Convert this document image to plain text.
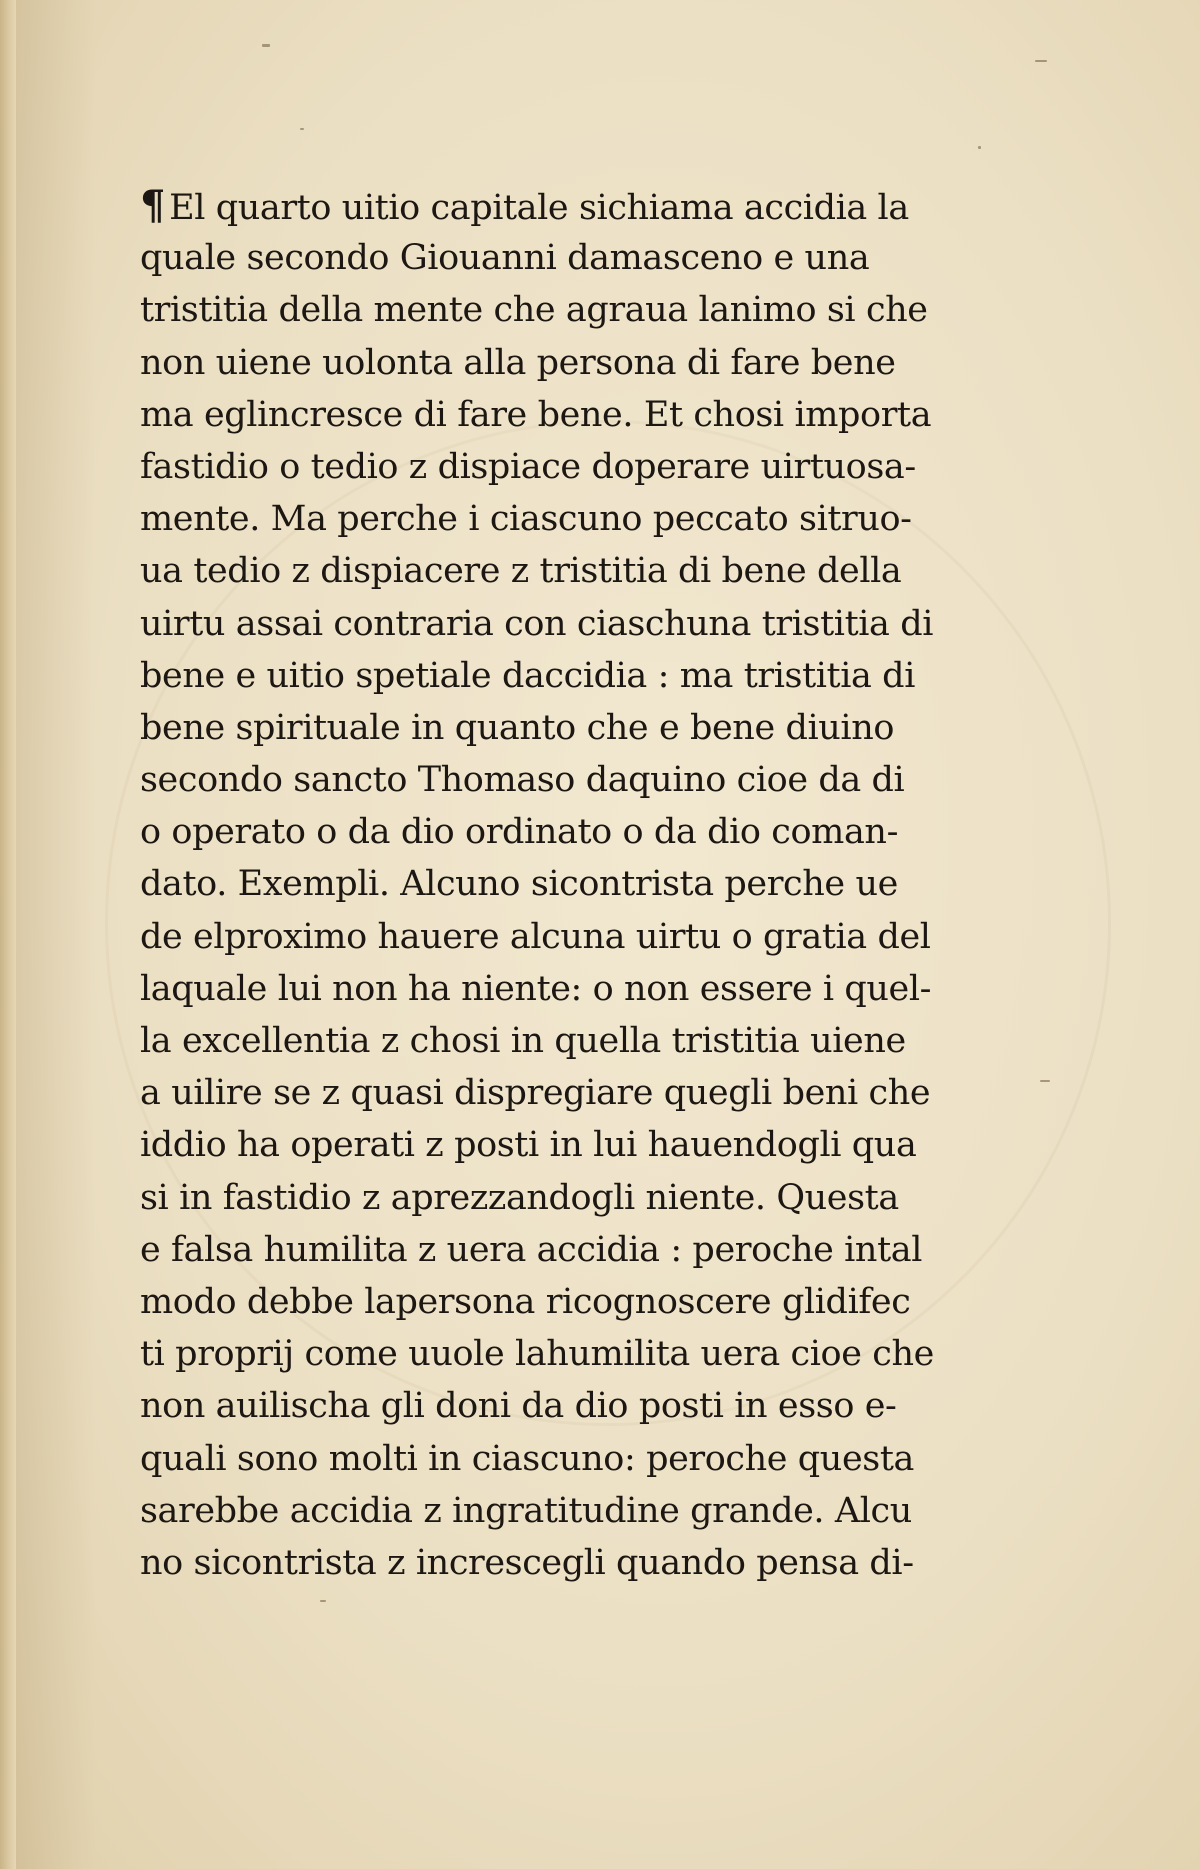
¶ El quarto uitio capitale sichiama accidia la
quale secondo Giouanni damasceno e una
tristitia della mente che agraua lanimo si che
non uiene uolonta alla persona di fare bene
ma eglincresce di fare bene. Et chosi importa
fastidio o tedio z dispiace doperare uirtuosa-
mente. Ma perche i ciascuno peccato sitruo-
ua tedio z dispiacere z tristitia di bene della
uirtu assai contraria con ciaschuna tristitia di
bene e uitio spetiale daccidia : ma tristitia di
bene spirituale in quanto che e bene diuino
secondo sancto Thomaso daquino cioe da di
o operato o da dio ordinato o da dio coman-
dato. Exempli. Alcuno sicontrista perche ue
de elproximo hauere alcuna uirtu o gratia del
laquale lui non ha niente: o non essere i quel-
la excellentia z chosi in quella tristitia uiene
a uilire se z quasi dispregiare quegli beni che
iddio ha operati z posti in lui hauendogli qua
si in fastidio z aprezzandogli niente. Questa
e falsa humilita z uera accidia : peroche intal
modo debbe lapersona ricognoscere glidifec
ti proprij come uuole lahumilita uera cioe che
non auilischa gli doni da dio posti in esso e-
quali sono molti in ciascuno: peroche questa
sarebbe accidia z ingratitudine grande. Alcu
no sicontrista z increscegli quando pensa di-
